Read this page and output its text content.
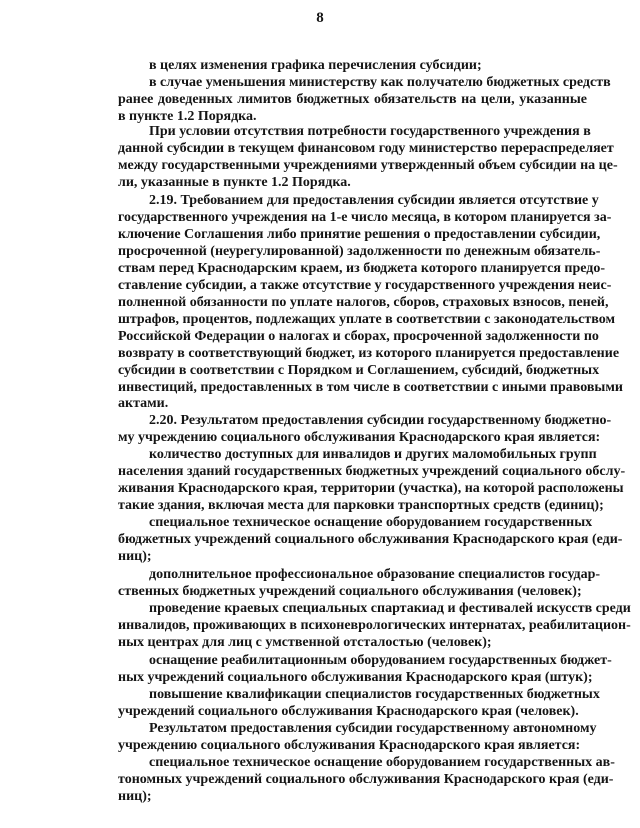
8
в целях изменения графика перечисления субсидии;
в случае уменьшения министерству как получателю бюджетных средств
ранее доведенных лимитов бюджетных обязательств на цели, указанные
в пункте 1.2 Порядка.
При условии отсутствия потребности государственного учреждения в
данной субсидии в текущем финансовом году министерство перераспределяет
между государственными учреждениями утвержденный объем субсидии на це-
ли, указанные в пункте 1.2 Порядка.
2.19. Требованием для предоставления субсидии является отсутствие у
государственного учреждения на 1-е число месяца, в котором планируется за-
ключение Соглашения либо принятие решения о предоставлении субсидии,
просроченной (неурегулированной) задолженности по денежным обязатель-
ствам перед Краснодарским краем, из бюджета которого планируется предо-
ставление субсидии, а также отсутствие у государственного учреждения неис-
полненной обязанности по уплате налогов, сборов, страховых взносов, пеней,
штрафов, процентов, подлежащих уплате в соответствии с законодательством
Российской Федерации о налогах и сборах, просроченной задолженности по
возврату в соответствующий бюджет, из которого планируется предоставление
субсидии в соответствии с Порядком и Соглашением, субсидий, бюджетных
инвестиций, предоставленных в том числе в соответствии с иными правовыми
актами.
2.20. Результатом предоставления субсидии государственному бюджетно-
му учреждению социального обслуживания Краснодарского края является:
количество доступных для инвалидов и других маломобильных групп
населения зданий государственных бюджетных учреждений социального обслу-
живания Краснодарского края, территории (участка), на которой расположены
такие здания, включая места для парковки транспортных средств (единиц);
специальное техническое оснащение оборудованием государственных
бюджетных учреждений социального обслуживания Краснодарского края (еди-
ниц);
дополнительное профессиональное образование специалистов государ-
ственных бюджетных учреждений социального обслуживания (человек);
проведение краевых специальных спартакиад и фестивалей искусств среди
инвалидов, проживающих в психоневрологических интернатах, реабилитацион-
ных центрах для лиц с умственной отсталостью (человек);
оснащение реабилитационным оборудованием государственных бюджет-
ных учреждений социального обслуживания Краснодарского края (штук);
повышение квалификации специалистов государственных бюджетных
учреждений социального обслуживания Краснодарского края (человек).
Результатом предоставления субсидии государственному автономному
учреждению социального обслуживания Краснодарского края является:
специальное техническое оснащение оборудованием государственных ав-
тономных учреждений социального обслуживания Краснодарского края (еди-
ниц);
